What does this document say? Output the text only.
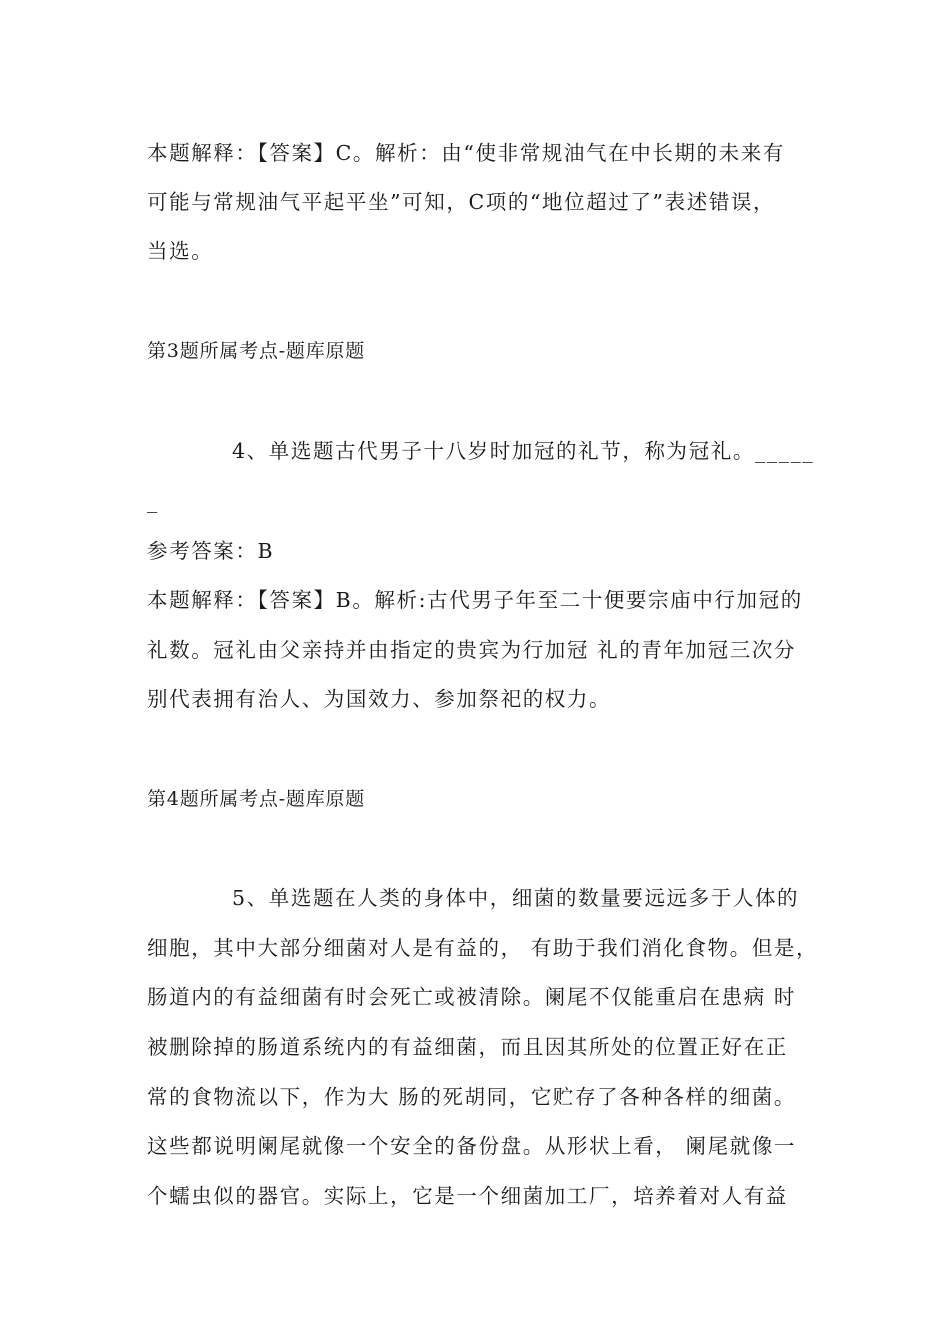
本题解释：【答案】C。解析：由“使非常规油气在中长期的未来有
可能与常规油气平起平坐”可知，C项的“地位超过了”表述错误，
当选。
第3题所属考点-题库原题
4、单选题古代男子十八岁时加冠的礼节，称为冠礼。_____
_
参考答案：B
本题解释：【答案】B。解析:古代男子年至二十便要宗庙中行加冠的
礼数。冠礼由父亲持并由指定的贵宾为行加冠 礼的青年加冠三次分
别代表拥有治人、为国效力、参加祭祀的权力。
第4题所属考点-题库原题
5、单选题在人类的身体中，细菌的数量要远远多于人体的
细胞，其中大部分细菌对人是有益的， 有助于我们消化食物。但是，
肠道内的有益细菌有时会死亡或被清除。阑尾不仅能重启在患病 时
被删除掉的肠道系统内的有益细菌，而且因其所处的位置正好在正
常的食物流以下，作为大 肠的死胡同，它贮存了各种各样的细菌。
这些都说明阑尾就像一个安全的备份盘。从形状上看， 阑尾就像一
个蠕虫似的器官。实际上，它是一个细菌加工厂，培养着对人有益
